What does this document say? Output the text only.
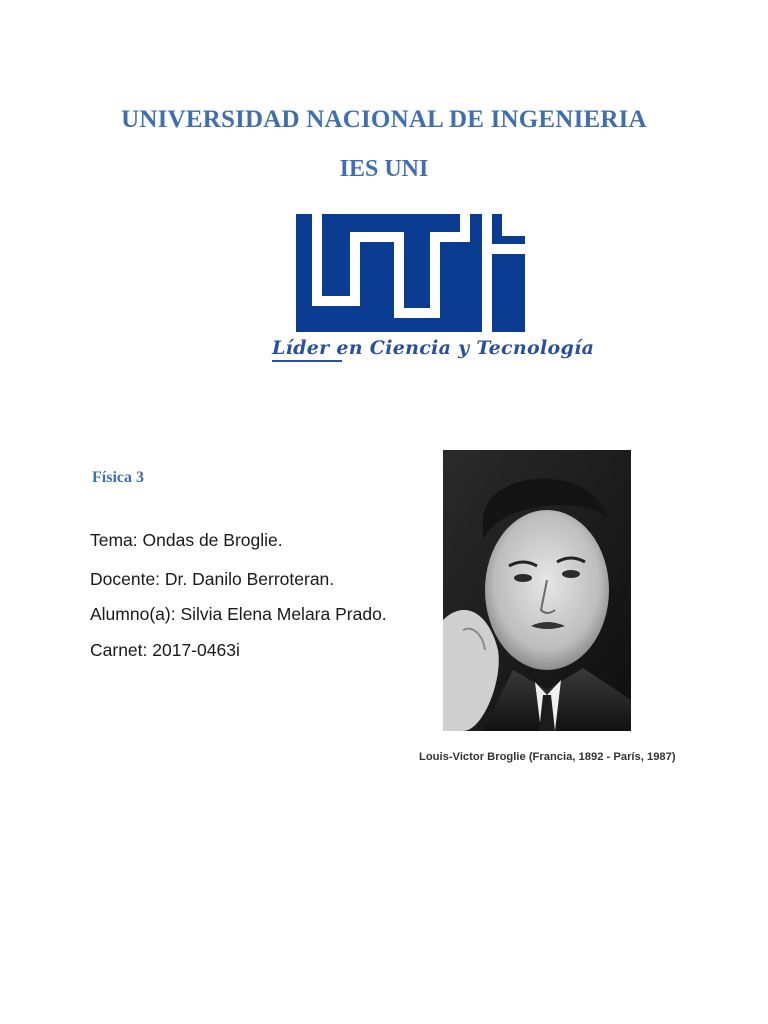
UNIVERSIDAD NACIONAL DE INGENIERIA
IES UNI
Líder en Ciencia y Tecnología
Física 3
Tema: Ondas de Broglie.
Docente: Dr. Danilo Berroteran.
Alumno(a): Silvia Elena Melara Prado.
Carnet: 2017-0463i
Louis-Victor Broglie (Francia, 1892 - París, 1987)
